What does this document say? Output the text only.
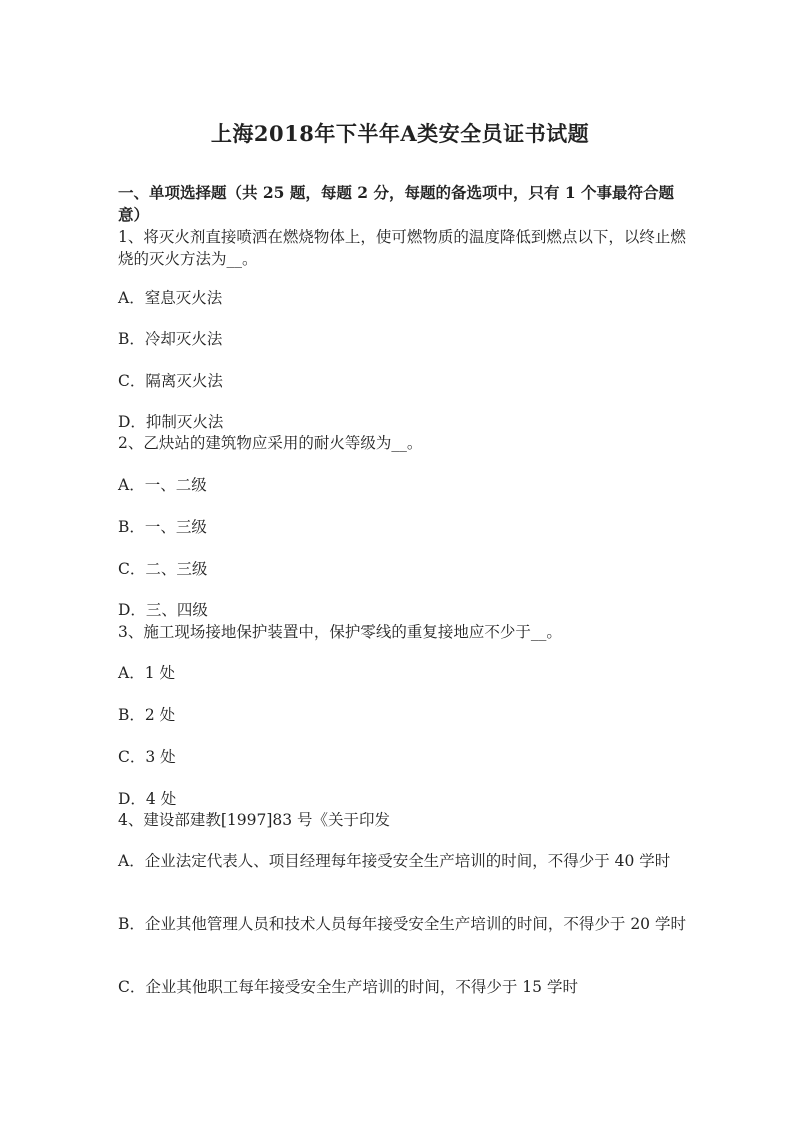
上海2018年下半年A类安全员证书试题
一、单项选择题（共 25 题，每题 2 分，每题的备选项中，只有 1 个事最符合题意）
1、将灭火剂直接喷洒在燃烧物体上，使可燃物质的温度降低到燃点以下，以终止燃烧的灭火方法为__。
A．窒息灭火法
B．冷却灭火法
C．隔离灭火法
D．抑制灭火法
2、乙炔站的建筑物应采用的耐火等级为__。
A．一、二级
B．一、三级
C．二、三级
D．三、四级
3、施工现场接地保护装置中，保护零线的重复接地应不少于__。
A．1 处
B．2 处
C．3 处
D．4 处
4、建设部建教[1997]83 号《关于印发
A．企业法定代表人、项目经理每年接受安全生产培训的时间，不得少于 40 学时
B．企业其他管理人员和技术人员每年接受安全生产培训的时间，不得少于 20 学时
C．企业其他职工每年接受安全生产培训的时间，不得少于 15 学时
